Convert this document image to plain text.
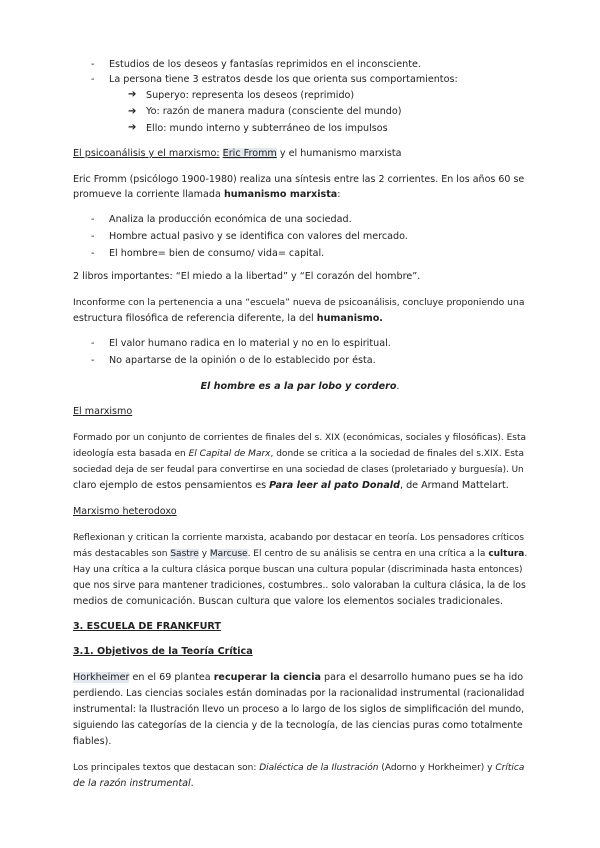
- Estudios de los deseos y fantasías reprimidos en el inconsciente.
- La persona tiene 3 estratos desde los que orienta sus comportamientos:
➔ Superyo: representa los deseos (reprimido)
➔ Yo: razón de manera madura (consciente del mundo)
➔ Ello: mundo interno y subterráneo de los impulsos
El psicoanálisis y el marxismo: Eric Fromm y el humanismo marxista
Eric Fromm (psicólogo 1900-1980) realiza una síntesis entre las 2 corrientes. En los años 60 se
promueve la corriente llamada humanismo marxista:
- Analiza la producción económica de una sociedad.
- Hombre actual pasivo y se identifica con valores del mercado.
- El hombre= bien de consumo/ vida= capital.
2 libros importantes: “El miedo a la libertad” y “El corazón del hombre”.
Inconforme con la pertenencia a una “escuela” nueva de psicoanálisis, concluye proponiendo una
estructura filosófica de referencia diferente, la del humanismo.
- El valor humano radica en lo material y no en lo espiritual.
- No apartarse de la opinión o de lo establecido por ésta.
El hombre es a la par lobo y cordero.
El marxismo
Formado por un conjunto de corrientes de finales del s. XIX (económicas, sociales y filosóficas). Esta
ideología esta basada en El Capital de Marx, donde se critica a la sociedad de finales del s.XIX. Esta
sociedad deja de ser feudal para convertirse en una sociedad de clases (proletariado y burguesía). Un
claro ejemplo de estos pensamientos es Para leer al pato Donald, de Armand Mattelart.
Marxismo heterodoxo
Reflexionan y critican la corriente marxista, acabando por destacar en teoría. Los pensadores críticos
más destacables son Sastre y Marcuse. El centro de su análisis se centra en una crítica a la cultura.
Hay una crítica a la cultura clásica porque buscan una cultura popular (discriminada hasta entonces)
que nos sirve para mantener tradiciones, costumbres.. solo valoraban la cultura clásica, la de los
medios de comunicación. Buscan cultura que valore los elementos sociales tradicionales.
3. ESCUELA DE FRANKFURT
3.1. Objetivos de la Teoría Crítica
Horkheimer en el 69 plantea recuperar la ciencia para el desarrollo humano pues se ha ido
perdiendo. Las ciencias sociales están dominadas por la racionalidad instrumental (racionalidad
instrumental: la Ilustración llevo un proceso a lo largo de los siglos de simplificación del mundo,
siguiendo las categorías de la ciencia y de la tecnología, de las ciencias puras como totalmente
fiables).
Los principales textos que destacan son: Dialéctica de la Ilustración (Adorno y Horkheimer) y Crítica
de la razón instrumental.
